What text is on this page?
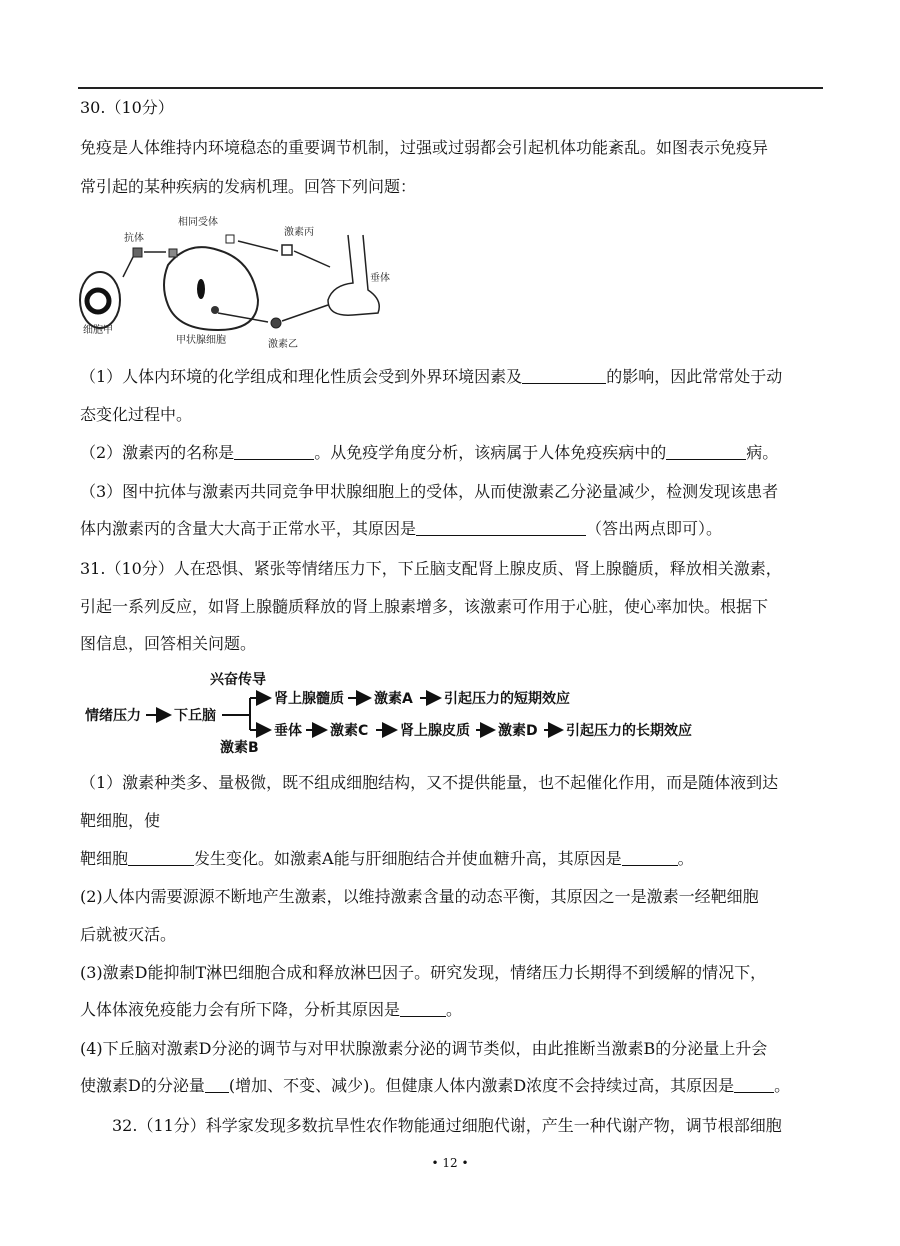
30.（10分）
免疫是人体维持内环境稳态的重要调节机制，过强或过弱都会引起机体功能紊乱。如图表示免疫异
常引起的某种疾病的发病机理。回答下列问题：
细胞甲
抗体
相同受体
甲状腺细胞	激素乙
激素丙
垂体
（1）人体内环境的化学组成和理化性质会受到外界环境因素及	的影响，因此常常处于动
态变化过程中。
（2）激素丙的名称是	。从免疫学角度分析，该病属于人体免疫疾病中的	病。
（3）图中抗体与激素丙共同竞争甲状腺细胞上的受体，从而使激素乙分泌量减少，检测发现该患者
体内激素丙的含量大大高于正常水平，其原因是	（答出两点即可）。
31.（10分）人在恐惧、紧张等情绪压力下，下丘脑支配肾上腺皮质、肾上腺髓质，释放相关激素，
引起一系列反应，如肾上腺髓质释放的肾上腺素增多，该激素可作用于心脏，使心率加快。根据下
图信息，回答相关问题。
情绪压力 下丘脑
兴奋传导
肾上腺髓质 激素A 引起压力的短期效应
激素B
垂体 激素C 肾上腺皮质 激素D 引起压力的长期效应
（1）激素种类多、量极微，既不组成细胞结构，又不提供能量，也不起催化作用，而是随体液到达
靶细胞，使
靶细胞	发生变化。如激素A能与肝细胞结合并使血糖升高，其原因是	。
(2)人体内需要源源不断地产生激素，以维持激素含量的动态平衡，其原因之一是激素一经靶细胞
后就被灭活。
(3)激素D能抑制T淋巴细胞合成和释放淋巴因子。研究发现，情绪压力长期得不到缓解的情况下，
人体体液免疫能力会有所下降，分析其原因是	。
(4)下丘脑对激素D分泌的调节与对甲状腺激素分泌的调节类似，由此推断当激素B的分泌量上升会
使激素D的分泌量 (增加、不变、减少)。但健康人体内激素D浓度不会持续过高，其原因是	。
32.（11分）科学家发现多数抗旱性农作物能通过细胞代谢，产生一种代谢产物，调节根部细胞
• 12 •
